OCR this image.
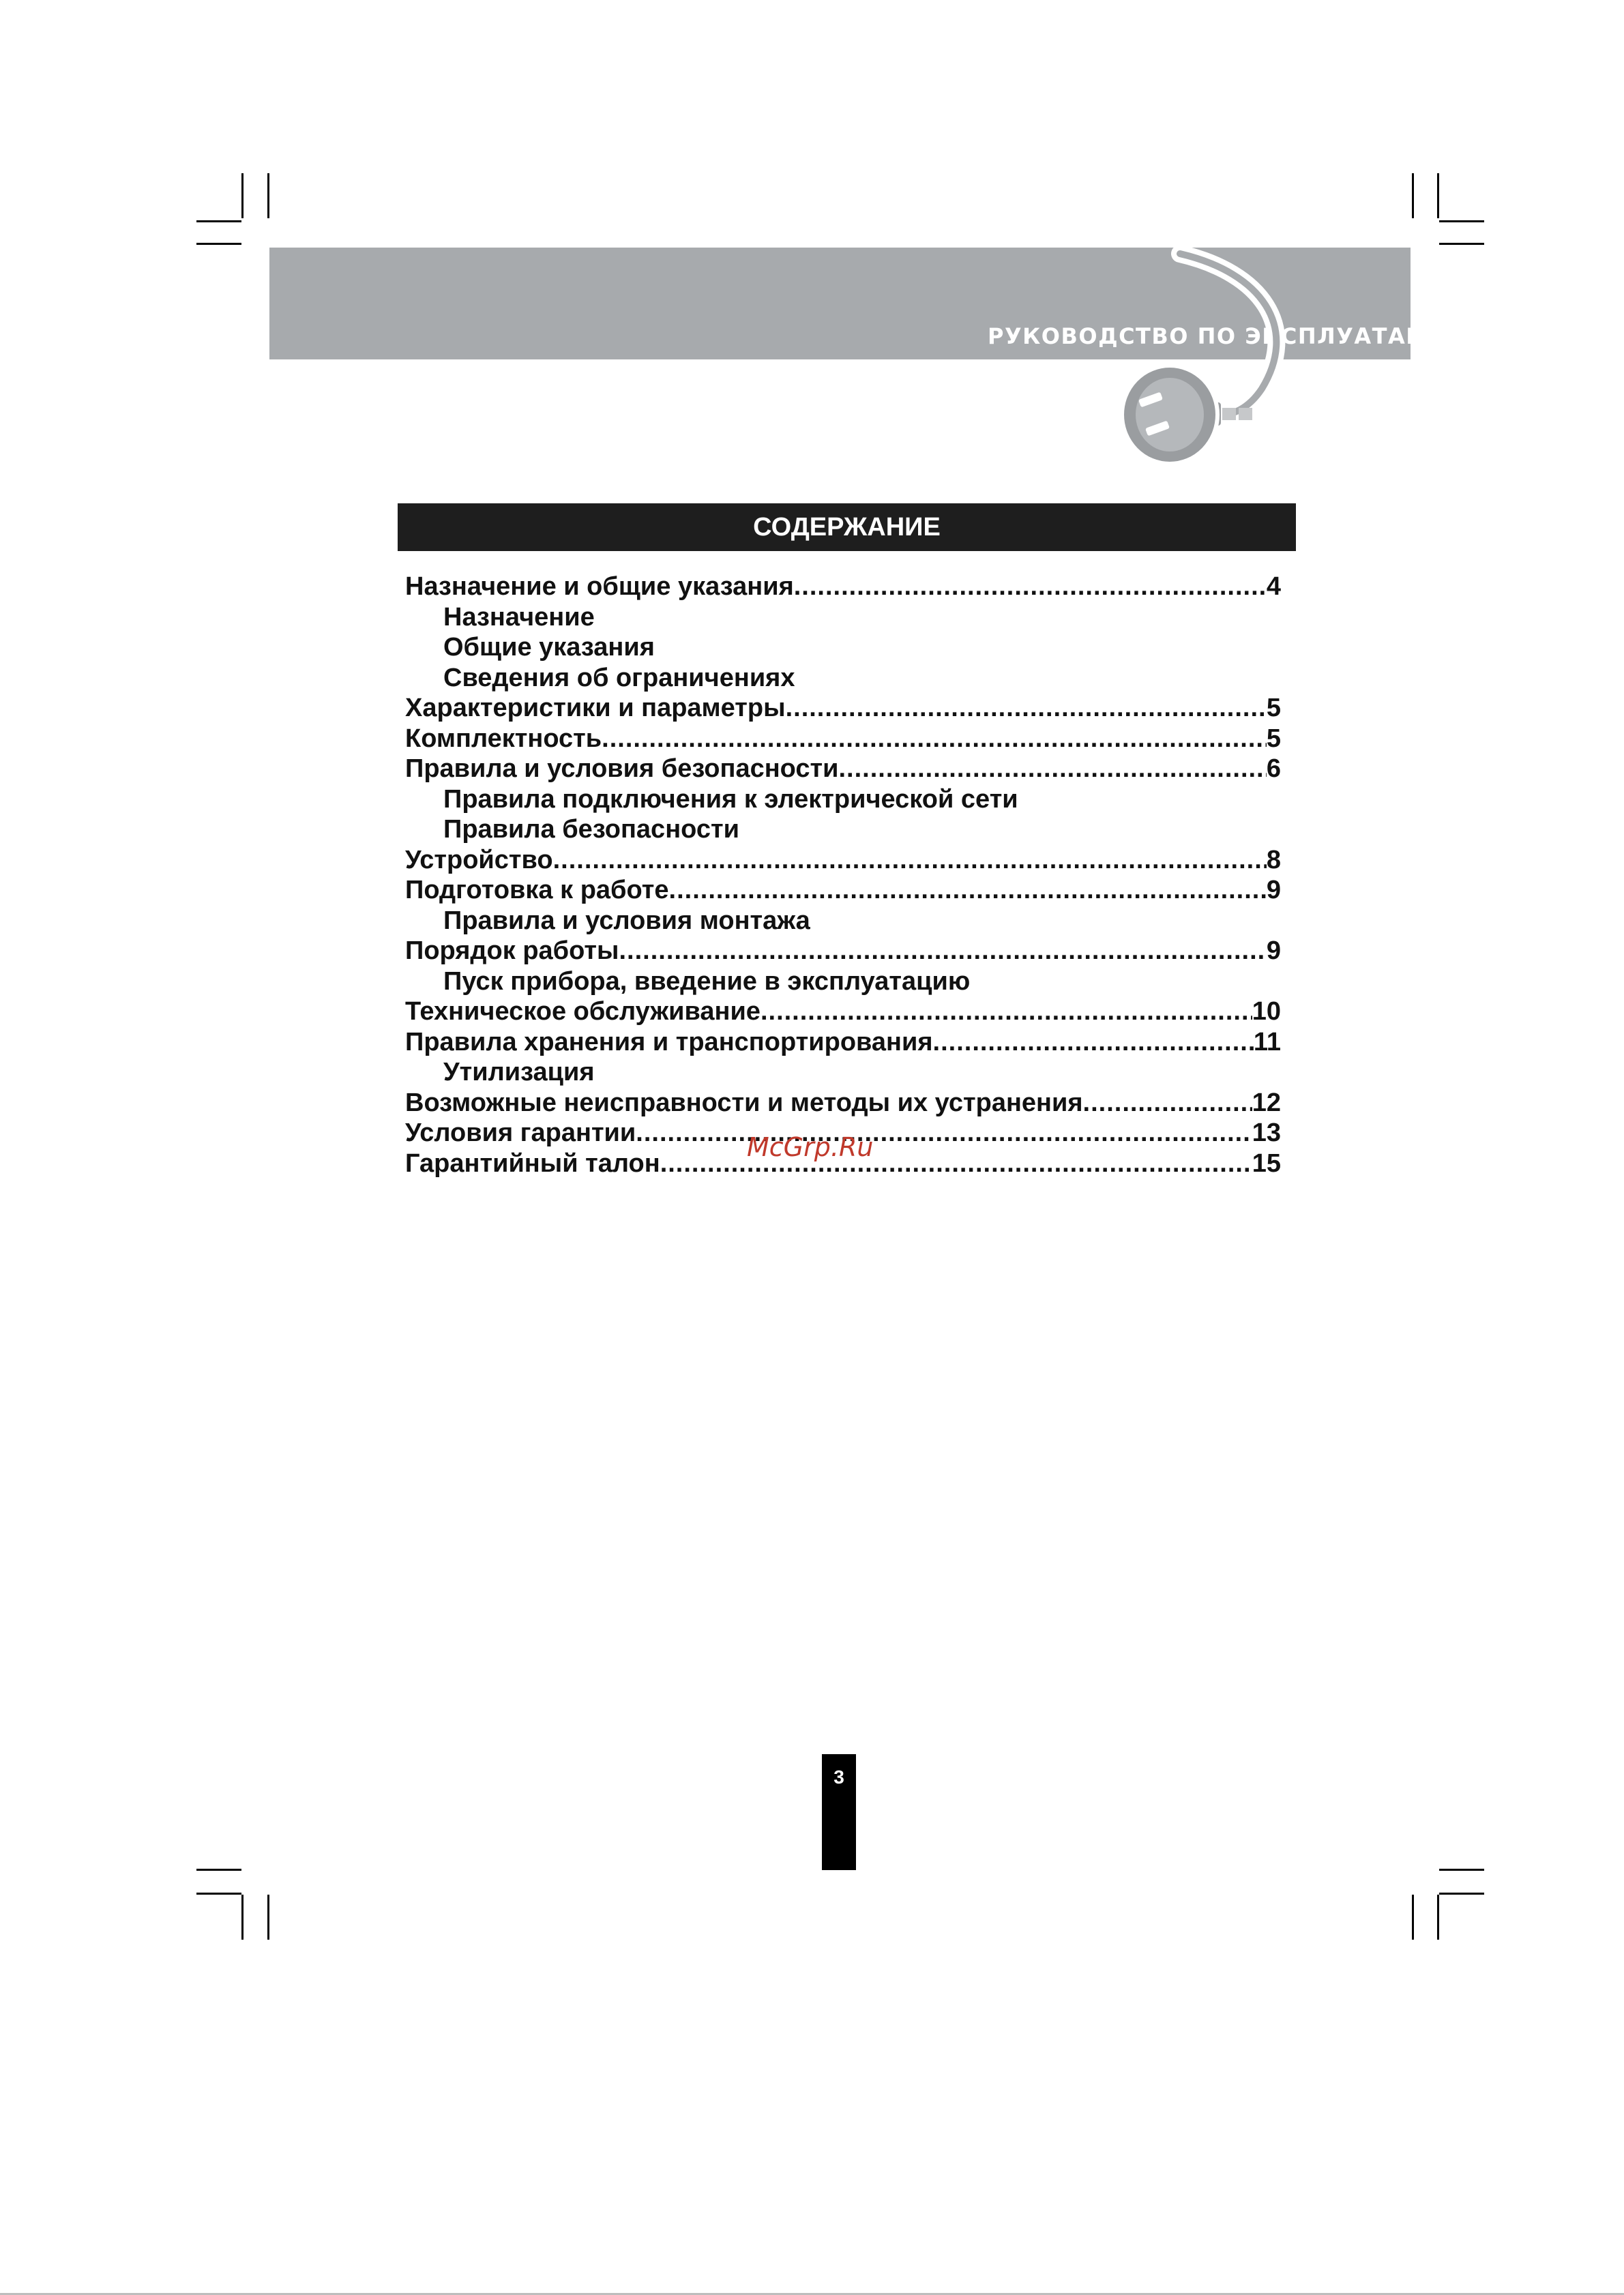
РУКОВОДСТВО ПО ЭКСПЛУАТАЦИИ
СОДЕРЖАНИЕ
Назначение и общие указания .....	4
Назначение
Общие указания
Сведения об ограничениях
Характеристики и параметры .....	5
Комплектность .....	5
Правила и условия безопасности .....	6
Правила подключения к электрической сети
Правила безопасности
Устройство .....	8
Подготовка к работе .....	9
Правила и условия монтажа
Порядок работы .....	9
Пуск прибора, введение в эксплуатацию
Техническое обслуживание .....	10
Правила хранения и транспортирования .....	11
Утилизация
Возможные неисправности и методы их устранения .....	12
Условия гарантии .....	13
Гарантийный талон .....	15
McGrp.Ru
3
